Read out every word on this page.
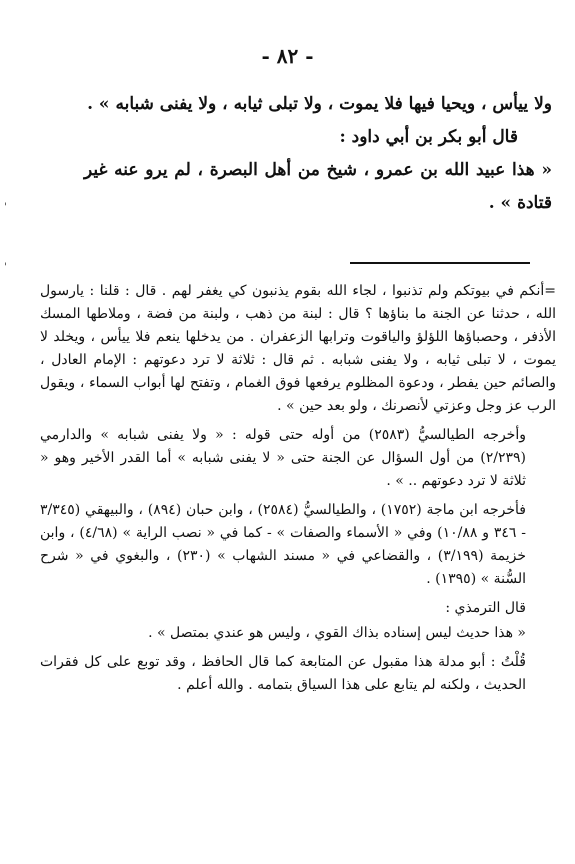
- ٨٢ -

ولا ييأس ، ويحيا فيها فلا يموت ، ولا تبلى ثيابه ، ولا يفنى شبابه » .

قال أبو بكر بن أبي داود :

« هذا عبيد الله بن عمرو ، شيخ من أهل البصرة ، لم يرو عنه غير قتادة » .

=أنكم في بيوتكم ولم تذنبوا ، لجاء الله بقوم يذنبون كي يغفر لهم . قال : قلنا : يارسول الله ، حدثنا عن الجنة ما بناؤها ؟ قال : لبنة من ذهب ، ولبنة من فضة ، وملاطها المسك الأذفر ، وحصباؤها اللؤلؤ والياقوت وترابها الزعفران . من يدخلها ينعم فلا ييأس ، ويخلد لا يموت ، لا تبلى ثيابه ، ولا يفنى شبابه . ثم قال : ثلاثة لا ترد دعوتهم : الإمام العادل ، والصائم حين يفطر ، ودعوة المظلوم يرفعها فوق الغمام ، وتفتح لها أبواب السماء ، ويقول الرب عز وجل وعزتي لأنصرنك ، ولو بعد حين » .

وأخرجه الطيالسيُّ (٢٥٨٣) من أوله حتى قوله : « ولا يفنى شبابه » والدارمي (٢/٢٣٩) من أول السؤال عن الجنة حتى « لا يفنى شبابه » أما القدر الأخير وهو « ثلاثة لا ترد دعوتهم .. » .

فأخرجه ابن ماجة (١٧٥٢) ، والطيالسيُّ (٢٥٨٤) ، وابن حبان (٨٩٤) ، والبيهقي (٣/٣٤٥ - ٣٤٦ و ١٠/٨٨) وفي « الأسماء والصفات » - كما في « نصب الراية » (٤/٦٨) ، وابن خزيمة (٣/١٩٩) ، والقضاعي في « مسند الشهاب » (٢٣٠) ، والبغوي في « شرح السُّنة » (١٣٩٥) .

قال الترمذي :

« هذا حديث ليس إسناده بذاك القوي ، وليس هو عندي بمتصل » .

قُلْتُ : أبو مدلة هذا مقبول عن المتابعة كما قال الحافظ ، وقد توبع على كل فقرات الحديث ، ولكنه لم يتابع على هذا السياق بتمامه . والله أعلم .

'
'
